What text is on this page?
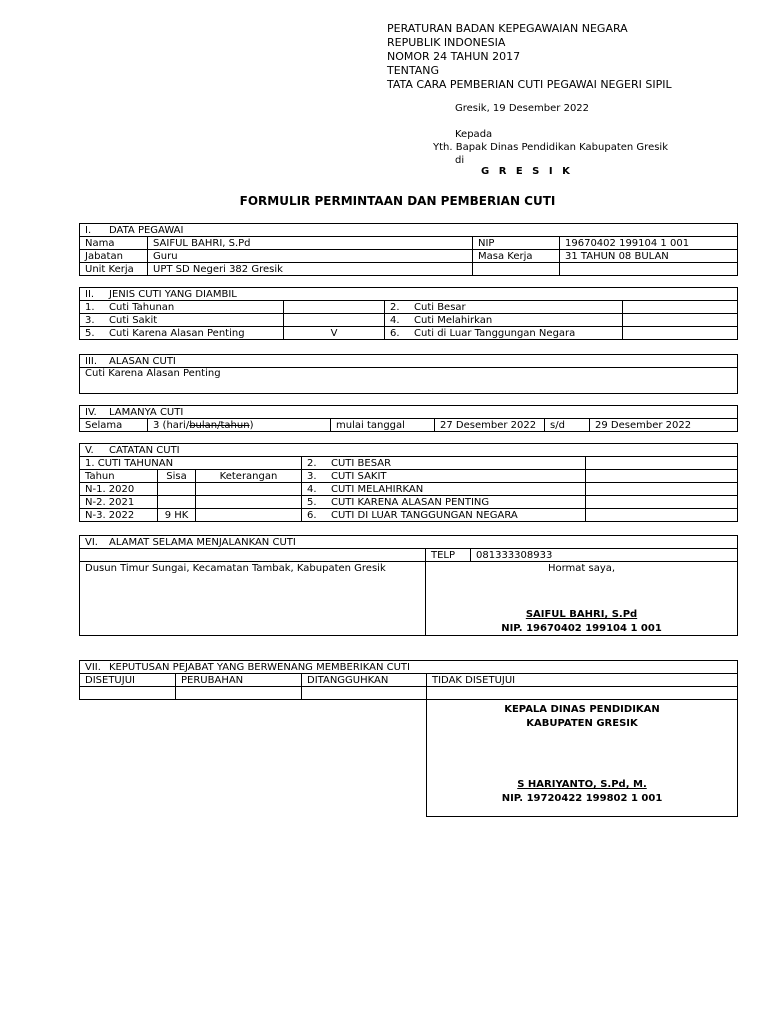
PERATURAN BADAN KEPEGAWAIAN NEGARA
REPUBLIK INDONESIA
NOMOR 24 TAHUN 2017
TENTANG
TATA CARA PEMBERIAN CUTI PEGAWAI NEGERI SIPIL
Gresik, 19 Desember 2022
Kepada
Yth. Bapak Dinas Pendidikan Kabupaten Gresik
di
G R E S I K
FORMULIR PERMINTAAN DAN PEMBERIAN CUTI
I. DATA PEGAWAI			
Nama	SAIFUL BAHRI, S.Pd	NIP	19670402 199104 1 001
Jabatan	Guru	Masa Kerja	31 TAHUN 08 BULAN
Unit Kerja	UPT SD Negeri 382 Gresik		
II. JENIS CUTI YANG DIAMBIL			
1. Cuti Tahunan		2. Cuti Besar	
3. Cuti Sakit		4. Cuti Melahirkan	
5. Cuti Karena Alasan Penting	V	6. Cuti di Luar Tanggungan Negara	
III. ALASAN CUTI
Cuti Karena Alasan Penting
IV. LAMANYA CUTI
Selama	3 (hari/bulan/tahun)	mulai tanggal	27 Desember 2022	s/d	29 Desember 2022
V. CATATAN CUTI				
1. CUTI TAHUNAN			2. CUTI BESAR	
Tahun	Sisa	Keterangan	3. CUTI SAKIT	
N-1. 2020			4. CUTI MELAHIRKAN	
N-2. 2021			5. CUTI KARENA ALASAN PENTING	
N-3. 2022	9 HK		6. CUTI DI LUAR TANGGUNGAN NEGARA	
VI. ALAMAT SELAMA MENJALANKAN CUTI		
	TELP	081333308933
Dusun Timur Sungai, Kecamatan Tambak, Kabupaten Gresik	Hormat saya,
SAIFUL BAHRI, S.Pd
NIP. 19670402 199104 1 001	
VII. KEPUTUSAN PEJABAT YANG BERWENANG MEMBERIKAN CUTI			
DISETUJUI	PERUBAHAN	DITANGGUHKAN	TIDAK DISETUJUI

			KEPALA DINAS PENDIDIKAN
KABUPATEN GRESIK
S HARIYANTO, S.Pd, M.
NIP. 19720422 199802 1 001
